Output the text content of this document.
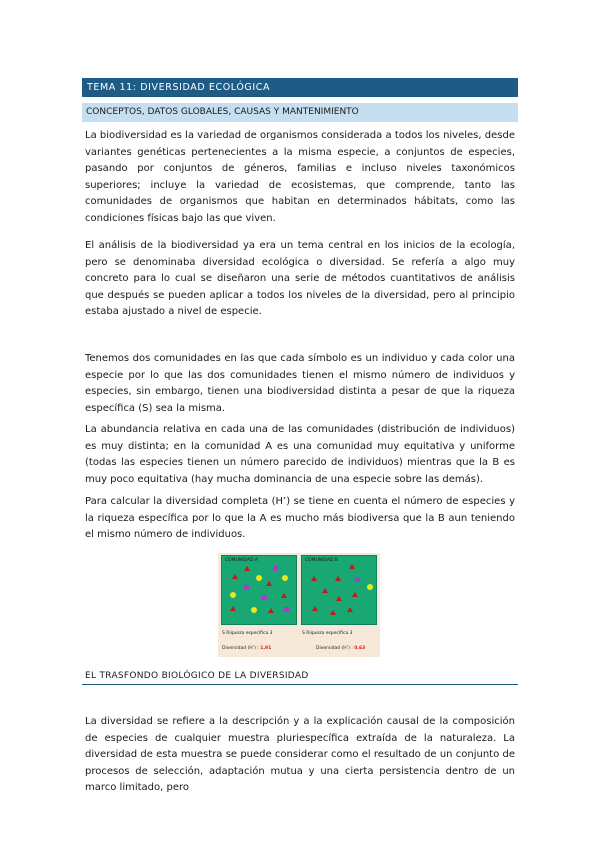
TEMA 11: DIVERSIDAD ECOLÓGICA
CONCEPTOS, DATOS GLOBALES, CAUSAS Y MANTENIMIENTO

La biodiversidad es la variedad de organismos considerada a todos los niveles, desde variantes genéticas pertenecientes a la misma especie, a conjuntos de especies, pasando por conjuntos de géneros, familias e incluso niveles taxonómicos superiores; incluye la variedad de ecosistemas, que comprende, tanto las comunidades de organismos que habitan en determinados hábitats, como las condiciones físicas bajo las que viven.

El análisis de la biodiversidad ya era un tema central en los inicios de la ecología, pero se denominaba diversidad ecológica o diversidad. Se refería a algo muy concreto para lo cual se diseñaron una serie de métodos cuantitativos de análisis que después se pueden aplicar a todos los niveles de la diversidad, pero al principio estaba ajustado a nivel de especie.

Tenemos dos comunidades en las que cada símbolo es un individuo y cada color una especie por lo que las dos comunidades tienen el mismo número de individuos y especies, sin embargo, tienen una biodiversidad distinta a pesar de que la riqueza específica (S) sea la misma.

La abundancia relativa en cada una de las comunidades (distribución de individuos) es muy distinta; en la comunidad A es una comunidad muy equitativa y uniforme (todas las especies tienen un número parecido de individuos) mientras que la B es muy poco equitativa (hay mucha dominancia de una especie sobre las demás).

Para calcular la diversidad completa (H’) se tiene en cuenta el número de especies y la riqueza específica por lo que la A es mucho más biodiversa que la B aun teniendo el mismo número de individuos.

COMUNIDAD A	COMUNIDAD B
S Riqueza específica 3	S Riqueza específica 3
Diversidad (H’) : 1,91	Diversidad (H’) : 0,63
EL TRASFONDO BIOLÓGICO DE LA DIVERSIDAD

La diversidad se refiere a la descripción y a la explicación causal de la composición de especies de cualquier muestra pluriespecífica extraída de la naturaleza. La diversidad de esta muestra se puede considerar como el resultado de un conjunto de procesos de selección, adaptación mutua y una cierta persistencia dentro de un marco limitado, pero
